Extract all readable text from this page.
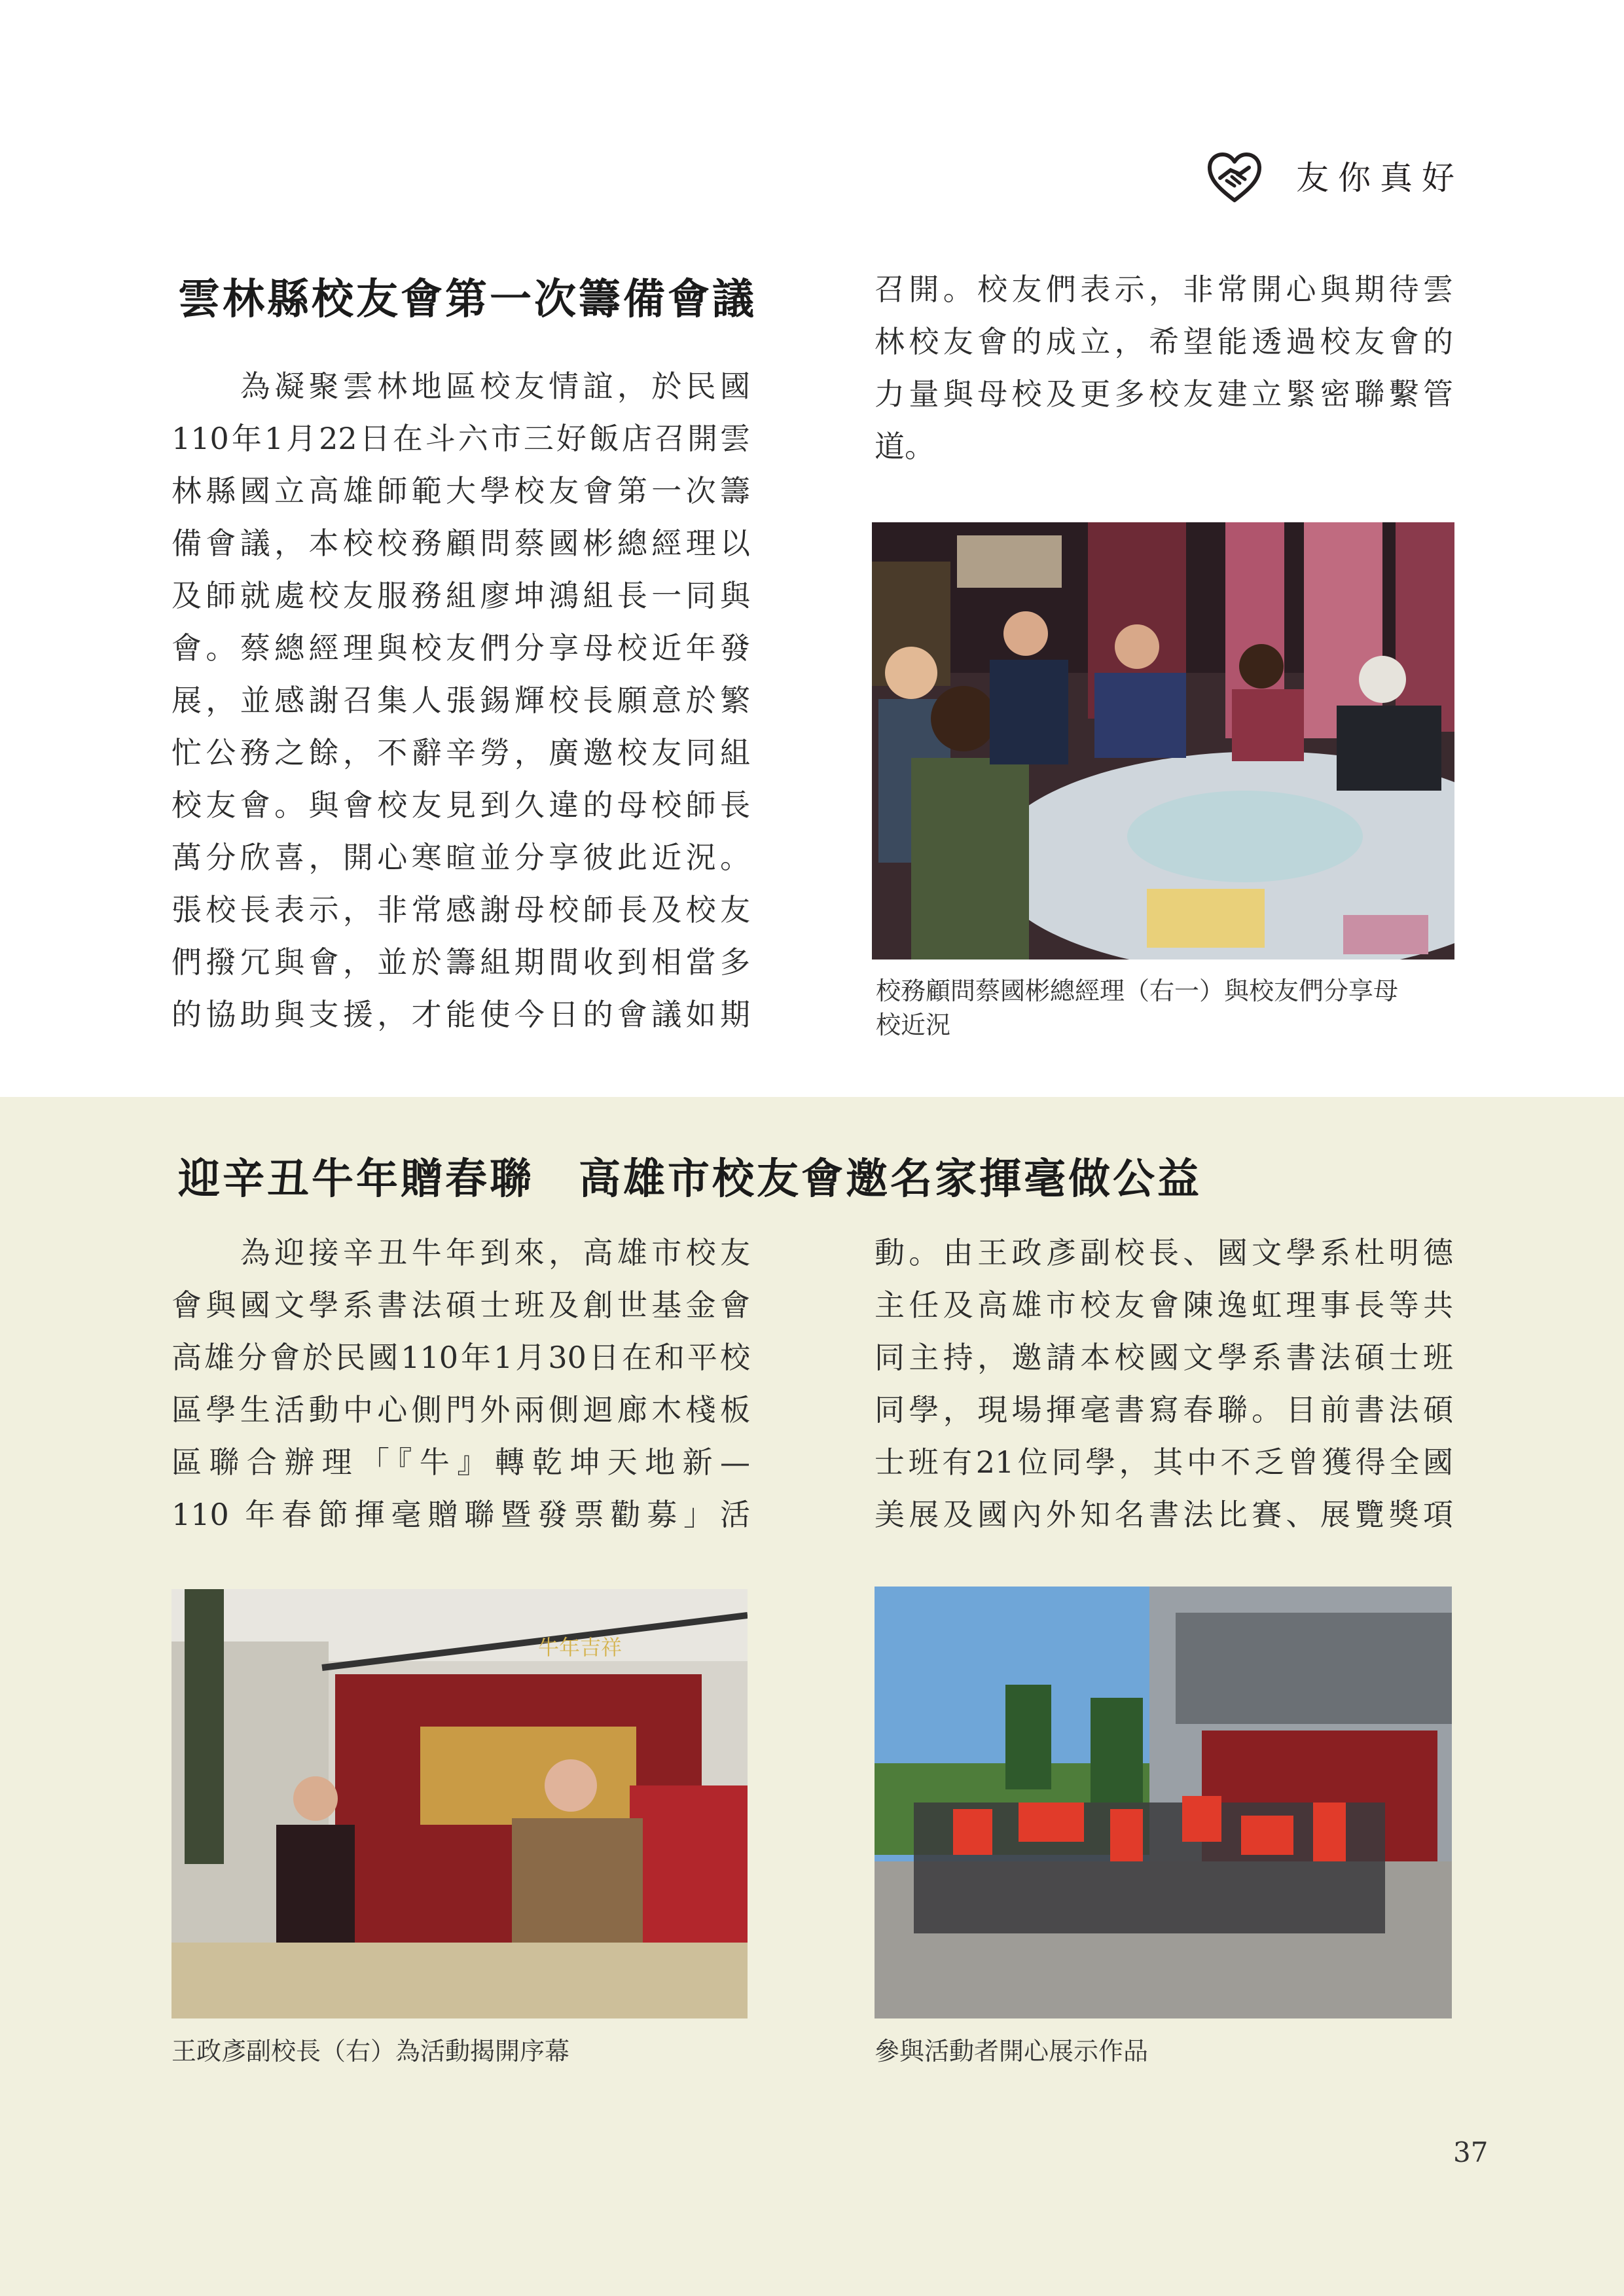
友你真好
雲林縣校友會第一次籌備會議
　　為凝聚雲林地區校友情誼，於民國
110年1月22日在斗六市三好飯店召開雲
林縣國立高雄師範大學校友會第一次籌
備會議，本校校務顧問蔡國彬總經理以
及師就處校友服務組廖坤鴻組長一同與
會。蔡總經理與校友們分享母校近年發
展，並感謝召集人張錫輝校長願意於繁
忙公務之餘，不辭辛勞，廣邀校友同組
校友會。與會校友見到久違的母校師長
萬分欣喜，開心寒暄並分享彼此近況。
張校長表示，非常感謝母校師長及校友
們撥冗與會，並於籌組期間收到相當多
的協助與支援，才能使今日的會議如期
召開。校友們表示，非常開心與期待雲
林校友會的成立，希望能透過校友會的
力量與母校及更多校友建立緊密聯繫管
道。
校務顧問蔡國彬總經理（右一）與校友們分享母
校近況
迎辛丑牛年贈春聯　高雄市校友會邀名家揮毫做公益
　　為迎接辛丑牛年到來，高雄市校友
會與國文學系書法碩士班及創世基金會
高雄分會於民國110年1月30日在和平校
區學生活動中心側門外兩側迴廊木棧板
區聯合辦理「『牛』轉乾坤天地新—
110 年春節揮毫贈聯暨發票勸募」活
動。由王政彥副校長、國文學系杜明德
主任及高雄市校友會陳逸虹理事長等共
同主持，邀請本校國文學系書法碩士班
同學，現場揮毫書寫春聯。目前書法碩
士班有21位同學，其中不乏曾獲得全國
美展及國內外知名書法比賽、展覽獎項
牛年吉祥
王政彥副校長（右）為活動揭開序幕	參與活動者開心展示作品
37
